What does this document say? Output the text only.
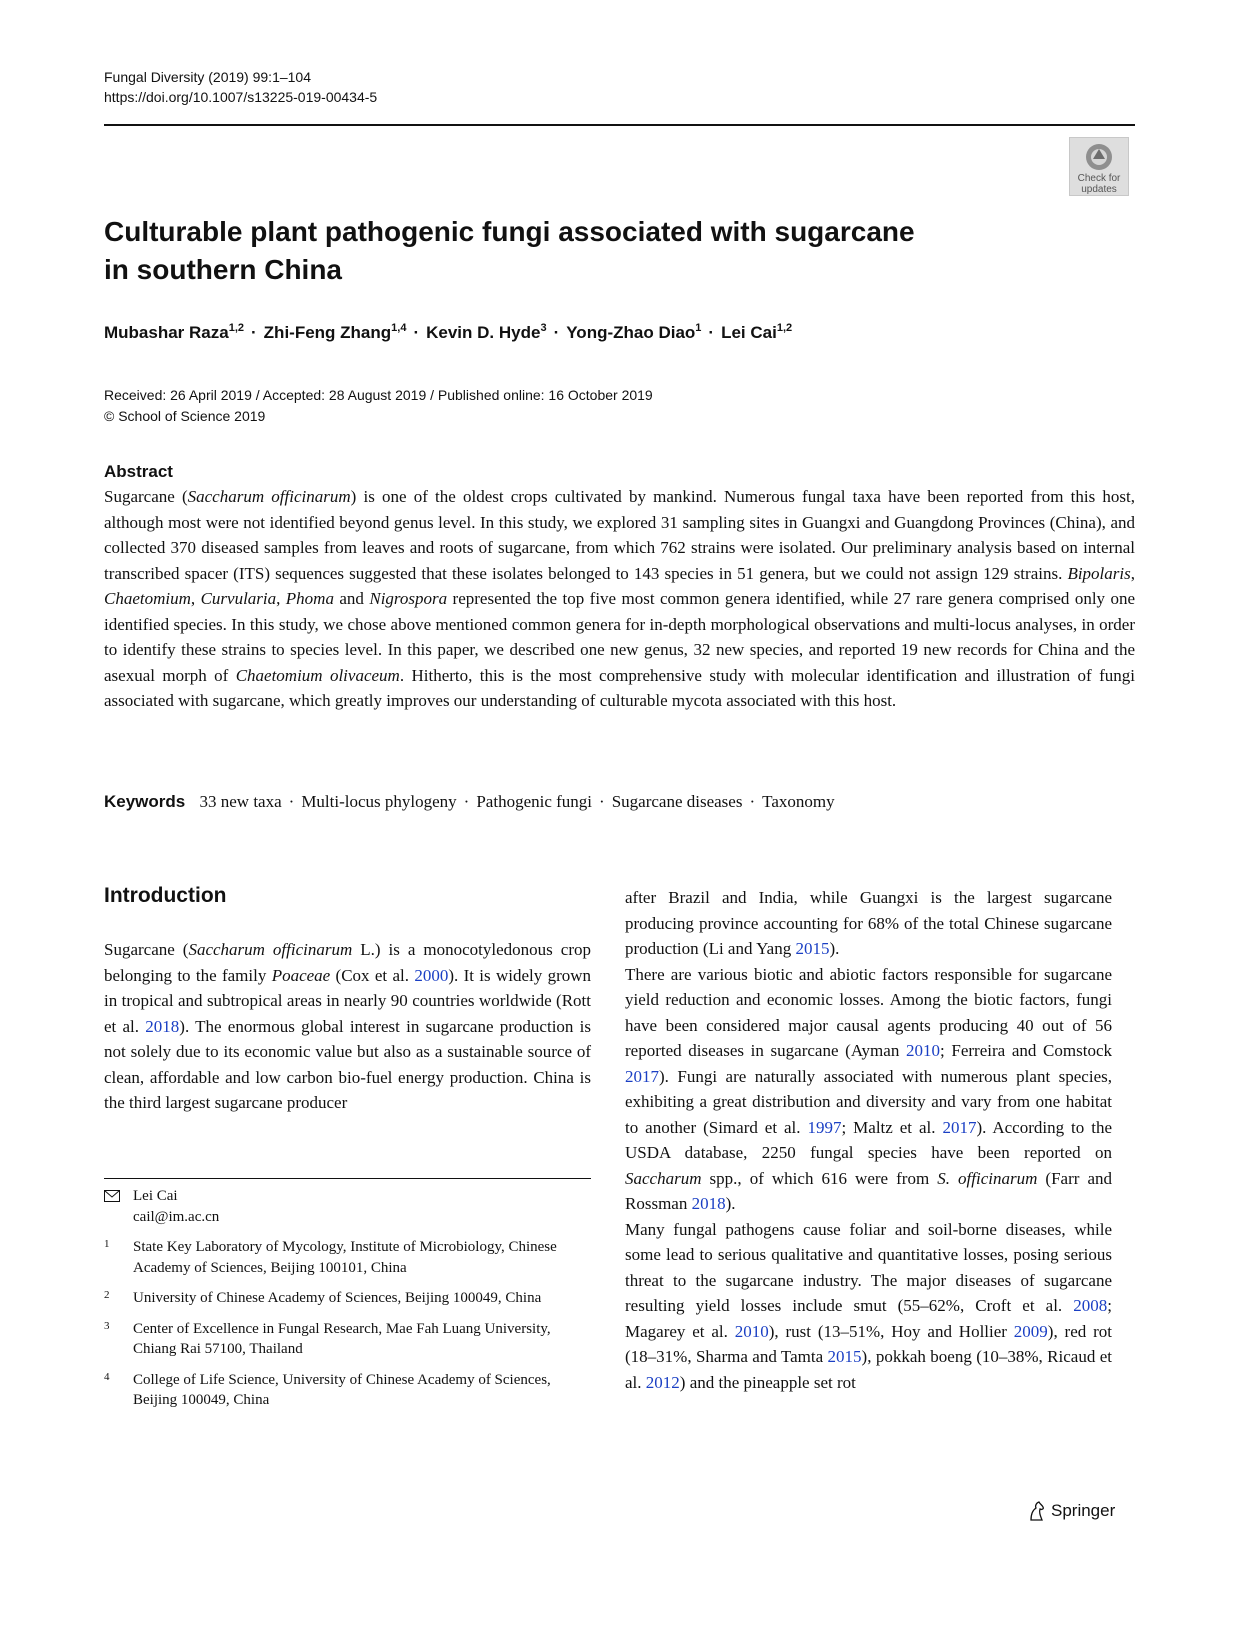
Fungal Diversity (2019) 99:1–104
https://doi.org/10.1007/s13225-019-00434-5
Check for
updates
Culturable plant pathogenic fungi associated with sugarcane
in southern China
Mubashar Raza$^{1,2}$ · Zhi-Feng Zhang$^{1,4}$ · Kevin D. Hyde$^3$ · Yong-Zhao Diao$^1$ · Lei Cai$^{1,2}$
Received: 26 April 2019 / Accepted: 28 August 2019 / Published online: 16 October 2019
© School of Science 2019
Abstract

Sugarcane (Saccharum officinarum) is one of the oldest crops cultivated by mankind. Numerous fungal taxa have been reported from this host, although most were not identified beyond genus level. In this study, we explored 31 sampling sites in Guangxi and Guangdong Provinces (China), and collected 370 diseased samples from leaves and roots of sugarcane, from which 762 strains were isolated. Our preliminary analysis based on internal transcribed spacer (ITS) sequences suggested that these isolates belonged to 143 species in 51 genera, but we could not assign 129 strains. Bipolaris, Chaetomium, Curvularia, Phoma and Nigrospora represented the top five most common genera identified, while 27 rare genera comprised only one identified species. In this study, we chose above mentioned common genera for in-depth morphological observations and multi-locus analyses, in order to identify these strains to species level. In this paper, we described one new genus, 32 new species, and reported 19 new records for China and the asexual morph of Chaetomium olivaceum. Hitherto, this is the most comprehensive study with molecular identification and illustration of fungi associated with sugarcane, which greatly improves our understanding of culturable mycota associated with this host.

Keywords 33 new taxa · Multi-locus phylogeny · Pathogenic fungi · Sugarcane diseases · Taxonomy
Introduction

Sugarcane (Saccharum officinarum L.) is a monocotyledonous crop belonging to the family Poaceae (Cox et al. 2000). It is widely grown in tropical and subtropical areas in nearly 90 countries worldwide (Rott et al. 2018). The enormous global interest in sugarcane production is not solely due to its economic value but also as a sustainable source of clean, affordable and low carbon bio-fuel energy production. China is the third largest sugarcane producer

after Brazil and India, while Guangxi is the largest sugarcane producing province accounting for 68% of the total Chinese sugarcane production (Li and Yang 2015).

There are various biotic and abiotic factors responsible for sugarcane yield reduction and economic losses. Among the biotic factors, fungi have been considered major causal agents producing 40 out of 56 reported diseases in sugarcane (Ayman 2010; Ferreira and Comstock 2017). Fungi are naturally associated with numerous plant species, exhibiting a great distribution and diversity and vary from one habitat to another (Simard et al. 1997; Maltz et al. 2017). According to the USDA database, 2250 fungal species have been reported on Saccharum spp., of which 616 were from S. officinarum (Farr and Rossman 2018).

Many fungal pathogens cause foliar and soil-borne diseases, while some lead to serious qualitative and quantitative losses, posing serious threat to the sugarcane industry. The major diseases of sugarcane resulting yield losses include smut (55–62%, Croft et al. 2008; Magarey et al. 2010), rust (13–51%, Hoy and Hollier 2009), red rot (18–31%, Sharma and Tamta 2015), pokkah boeng (10–38%, Ricaud et al. 2012) and the pineapple set rot

Lei Cai
cail@im.ac.cn
1 State Key Laboratory of Mycology, Institute of Microbiology, Chinese Academy of Sciences, Beijing 100101, China
2 University of Chinese Academy of Sciences, Beijing 100049, China
3 Center of Excellence in Fungal Research, Mae Fah Luang University, Chiang Rai 57100, Thailand
4 College of Life Science, University of Chinese Academy of Sciences, Beijing 100049, China
Springer
